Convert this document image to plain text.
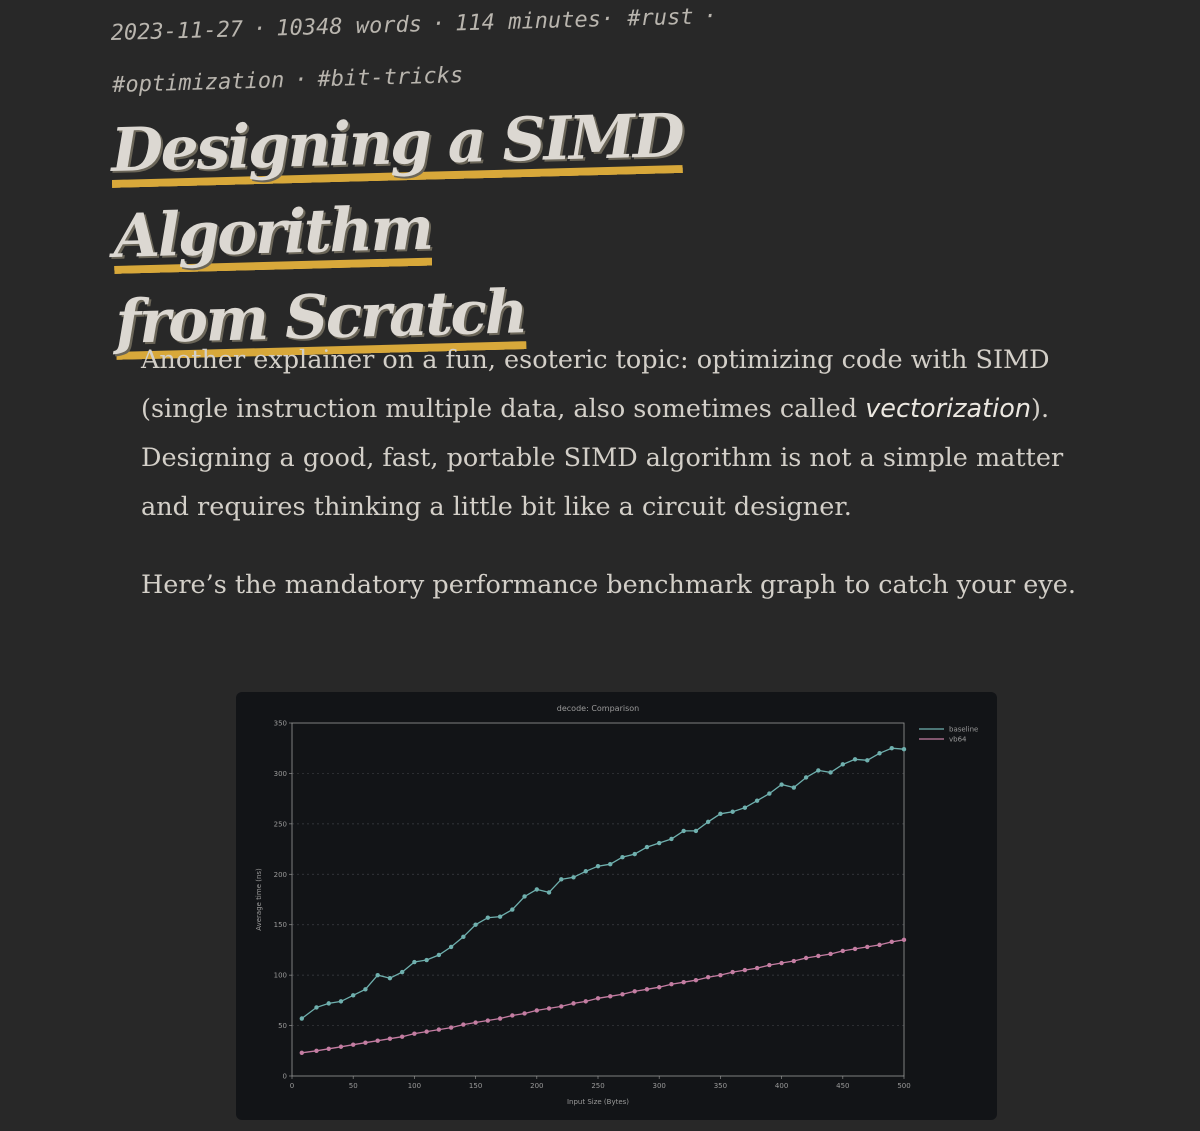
2023-11-27 · 10348 words · 114 minutes· #rust ·
#optimization · #bit-tricks
Designing a SIMD Algorithm
from Scratch

Another explainer on a fun, esoteric topic: optimizing code with SIMD (single instruction multiple data, also sometimes called vectorization). Designing a good, fast, portable SIMD algorithm is not a simple matter and requires thinking a little bit like a circuit designer.

Here’s the mandatory performance benchmark graph to catch your eye.

decode: Comparison
0
50
100
150
200
250
300
350
0	50	100	150	200	250	300	350	400	450	500
Input Size (Bytes)
Average time (ns)
baseline
vb64
